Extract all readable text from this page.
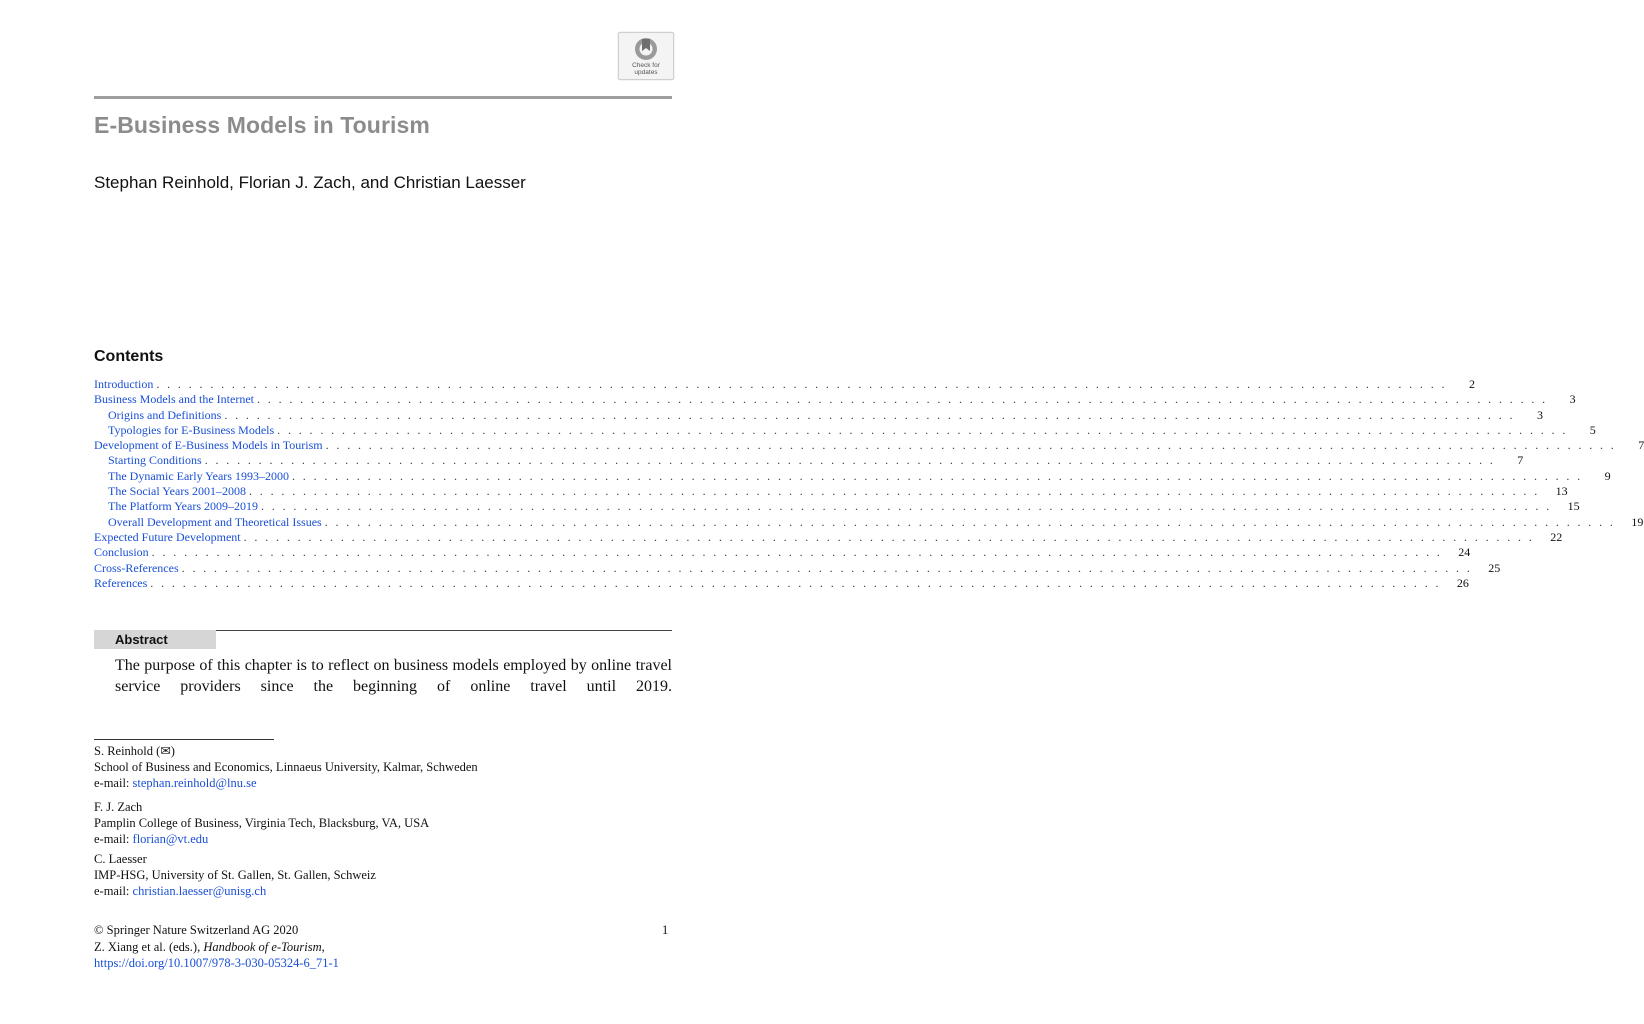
Check for
updates
E-Business Models in Tourism
Stephan Reinhold, Florian J. Zach, and Christian Laesser
Contents
Introduction . . . . . . . . . . . . . . . . . . . . . . . . . . . . . . . . . . . . . . . . . . . . . . . . . . . . . . . . . . . . . . . . . . . . . . . . . . . . . . . . . . . . . . . . . . . . . . . . . . . . . . . . . . . . . . . . . . . . . . . .	2
Business Models and the Internet . . . . . . . . . . . . . . . . . . . . . . . . . . . . . . . . . . . . . . . . . . . . . . . . . . . . . . . . . . . . . . . . . . . . . . . . . . . . . . . . . . . . . . . . . . . . . . . . . . . . . . . . . . . . . . . . . . . . . . . .	3
Origins and Definitions . . . . . . . . . . . . . . . . . . . . . . . . . . . . . . . . . . . . . . . . . . . . . . . . . . . . . . . . . . . . . . . . . . . . . . . . . . . . . . . . . . . . . . . . . . . . . . . . . . . . . . . . . . . . . . . . . . . . . . . .	3
Typologies for E-Business Models . . . . . . . . . . . . . . . . . . . . . . . . . . . . . . . . . . . . . . . . . . . . . . . . . . . . . . . . . . . . . . . . . . . . . . . . . . . . . . . . . . . . . . . . . . . . . . . . . . . . . . . . . . . . . . . . . . . . . . . .	5
Development of E-Business Models in Tourism . . . . . . . . . . . . . . . . . . . . . . . . . . . . . . . . . . . . . . . . . . . . . . . . . . . . . . . . . . . . . . . . . . . . . . . . . . . . . . . . . . . . . . . . . . . . . . . . . . . . . . . . . . . . . . . . . . . . . . . .	7
Starting Conditions . . . . . . . . . . . . . . . . . . . . . . . . . . . . . . . . . . . . . . . . . . . . . . . . . . . . . . . . . . . . . . . . . . . . . . . . . . . . . . . . . . . . . . . . . . . . . . . . . . . . . . . . . . . . . . . . . . . . . . . .	7
The Dynamic Early Years 1993–2000 . . . . . . . . . . . . . . . . . . . . . . . . . . . . . . . . . . . . . . . . . . . . . . . . . . . . . . . . . . . . . . . . . . . . . . . . . . . . . . . . . . . . . . . . . . . . . . . . . . . . . . . . . . . . . . . . . . . . . . . .	9
The Social Years 2001–2008 . . . . . . . . . . . . . . . . . . . . . . . . . . . . . . . . . . . . . . . . . . . . . . . . . . . . . . . . . . . . . . . . . . . . . . . . . . . . . . . . . . . . . . . . . . . . . . . . . . . . . . . . . . . . . . . . . . . . . . . .	13
The Platform Years 2009–2019 . . . . . . . . . . . . . . . . . . . . . . . . . . . . . . . . . . . . . . . . . . . . . . . . . . . . . . . . . . . . . . . . . . . . . . . . . . . . . . . . . . . . . . . . . . . . . . . . . . . . . . . . . . . . . . . . . . . . . . . .	15
Overall Development and Theoretical Issues . . . . . . . . . . . . . . . . . . . . . . . . . . . . . . . . . . . . . . . . . . . . . . . . . . . . . . . . . . . . . . . . . . . . . . . . . . . . . . . . . . . . . . . . . . . . . . . . . . . . . . . . . . . . . . . . . . . . . . . .	19
Expected Future Development . . . . . . . . . . . . . . . . . . . . . . . . . . . . . . . . . . . . . . . . . . . . . . . . . . . . . . . . . . . . . . . . . . . . . . . . . . . . . . . . . . . . . . . . . . . . . . . . . . . . . . . . . . . . . . . . . . . . . . . .	22
Conclusion . . . . . . . . . . . . . . . . . . . . . . . . . . . . . . . . . . . . . . . . . . . . . . . . . . . . . . . . . . . . . . . . . . . . . . . . . . . . . . . . . . . . . . . . . . . . . . . . . . . . . . . . . . . . . . . . . . . . . . . .	24
Cross-References . . . . . . . . . . . . . . . . . . . . . . . . . . . . . . . . . . . . . . . . . . . . . . . . . . . . . . . . . . . . . . . . . . . . . . . . . . . . . . . . . . . . . . . . . . . . . . . . . . . . . . . . . . . . . . . . . . . . . . . .	25
References . . . . . . . . . . . . . . . . . . . . . . . . . . . . . . . . . . . . . . . . . . . . . . . . . . . . . . . . . . . . . . . . . . . . . . . . . . . . . . . . . . . . . . . . . . . . . . . . . . . . . . . . . . . . . . . . . . . . . . . .	26
Abstract
The purpose of this chapter is to reflect on business models employed by online travel service providers since the beginning of online travel until 2019.
S. Reinhold (✉)
School of Business and Economics, Linnaeus University, Kalmar, Schweden
e-mail: stephan.reinhold@lnu.se
F. J. Zach
Pamplin College of Business, Virginia Tech, Blacksburg, VA, USA
e-mail: florian@vt.edu
C. Laesser
IMP-HSG, University of St. Gallen, St. Gallen, Schweiz
e-mail: christian.laesser@unisg.ch
© Springer Nature Switzerland AG 2020
Z. Xiang et al. (eds.), Handbook of e-Tourism,
https://doi.org/10.1007/978-3-030-05324-6_71-1
1
